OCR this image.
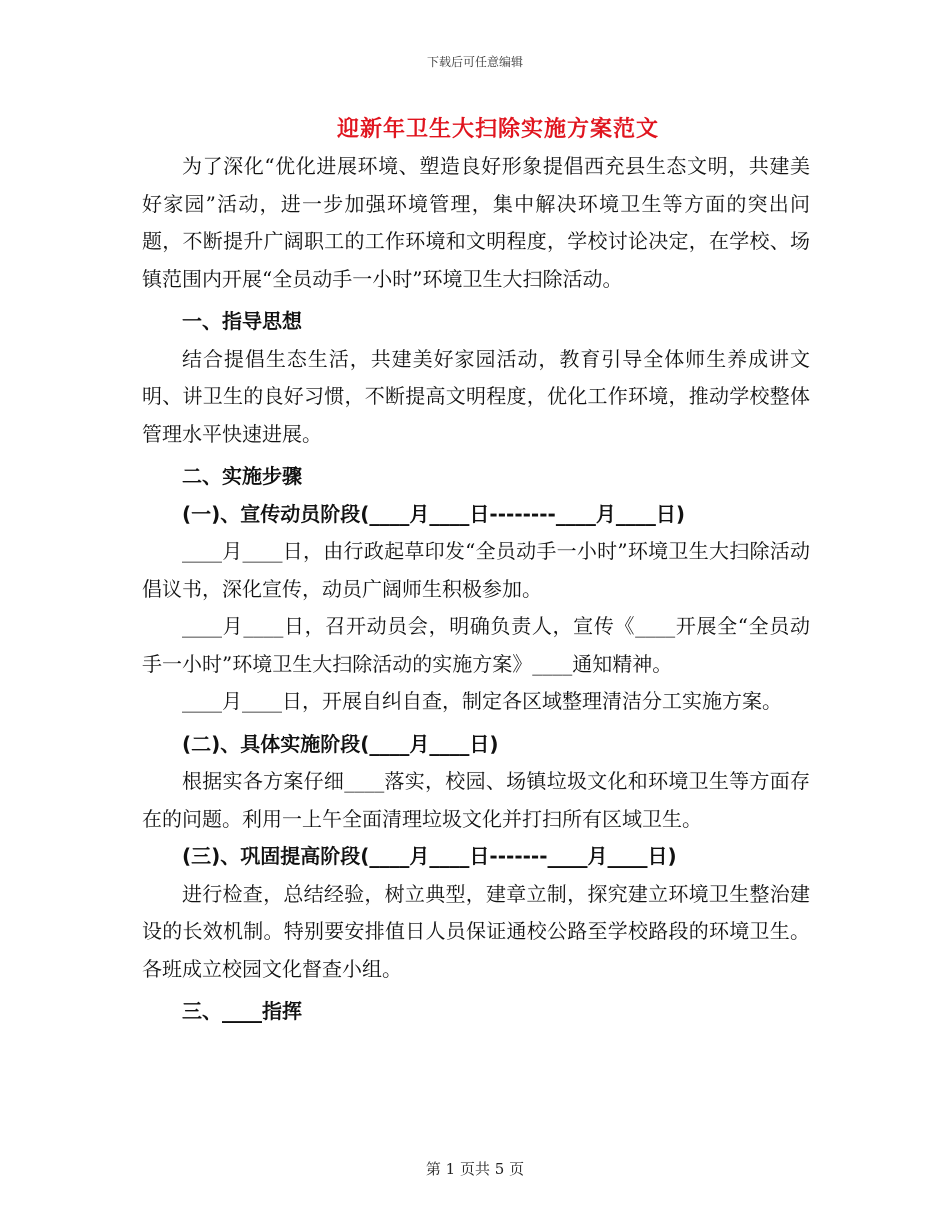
下载后可任意编辑
迎新年卫生大扫除实施方案范文

为了深化“优化进展环境、塑造良好形象提倡西充县生态文明，共建美好家园”活动，进一步加强环境管理，集中解决环境卫生等方面的突出问题，不断提升广阔职工的工作环境和文明程度，学校讨论决定，在学校、场镇范围内开展“全员动手一小时”环境卫生大扫除活动。

一、指导思想

结合提倡生态生活，共建美好家园活动，教育引导全体师生养成讲文明、讲卫生的良好习惯，不断提高文明程度，优化工作环境，推动学校整体管理水平快速进展。

二、实施步骤

(一)、宣传动员阶段(____月____日--------____月____日)

____月____日，由行政起草印发“全员动手一小时”环境卫生大扫除活动倡议书，深化宣传，动员广阔师生积极参加。

____月____日，召开动员会，明确负责人，宣传《____开展全“全员动手一小时”环境卫生大扫除活动的实施方案》____通知精神。

____月____日，开展自纠自查，制定各区域整理清洁分工实施方案。

(二)、具体实施阶段(____月____日)

根据实各方案仔细____落实，校园、场镇垃圾文化和环境卫生等方面存在的问题。利用一上午全面清理垃圾文化并打扫所有区域卫生。

(三)、巩固提高阶段(____月____日-------____月____日)

进行检查，总结经验，树立典型，建章立制，探究建立环境卫生整治建设的长效机制。特别要安排值日人员保证通校公路至学校路段的环境卫生。各班成立校园文化督查小组。

三、____指挥

第 1 页共 5 页
